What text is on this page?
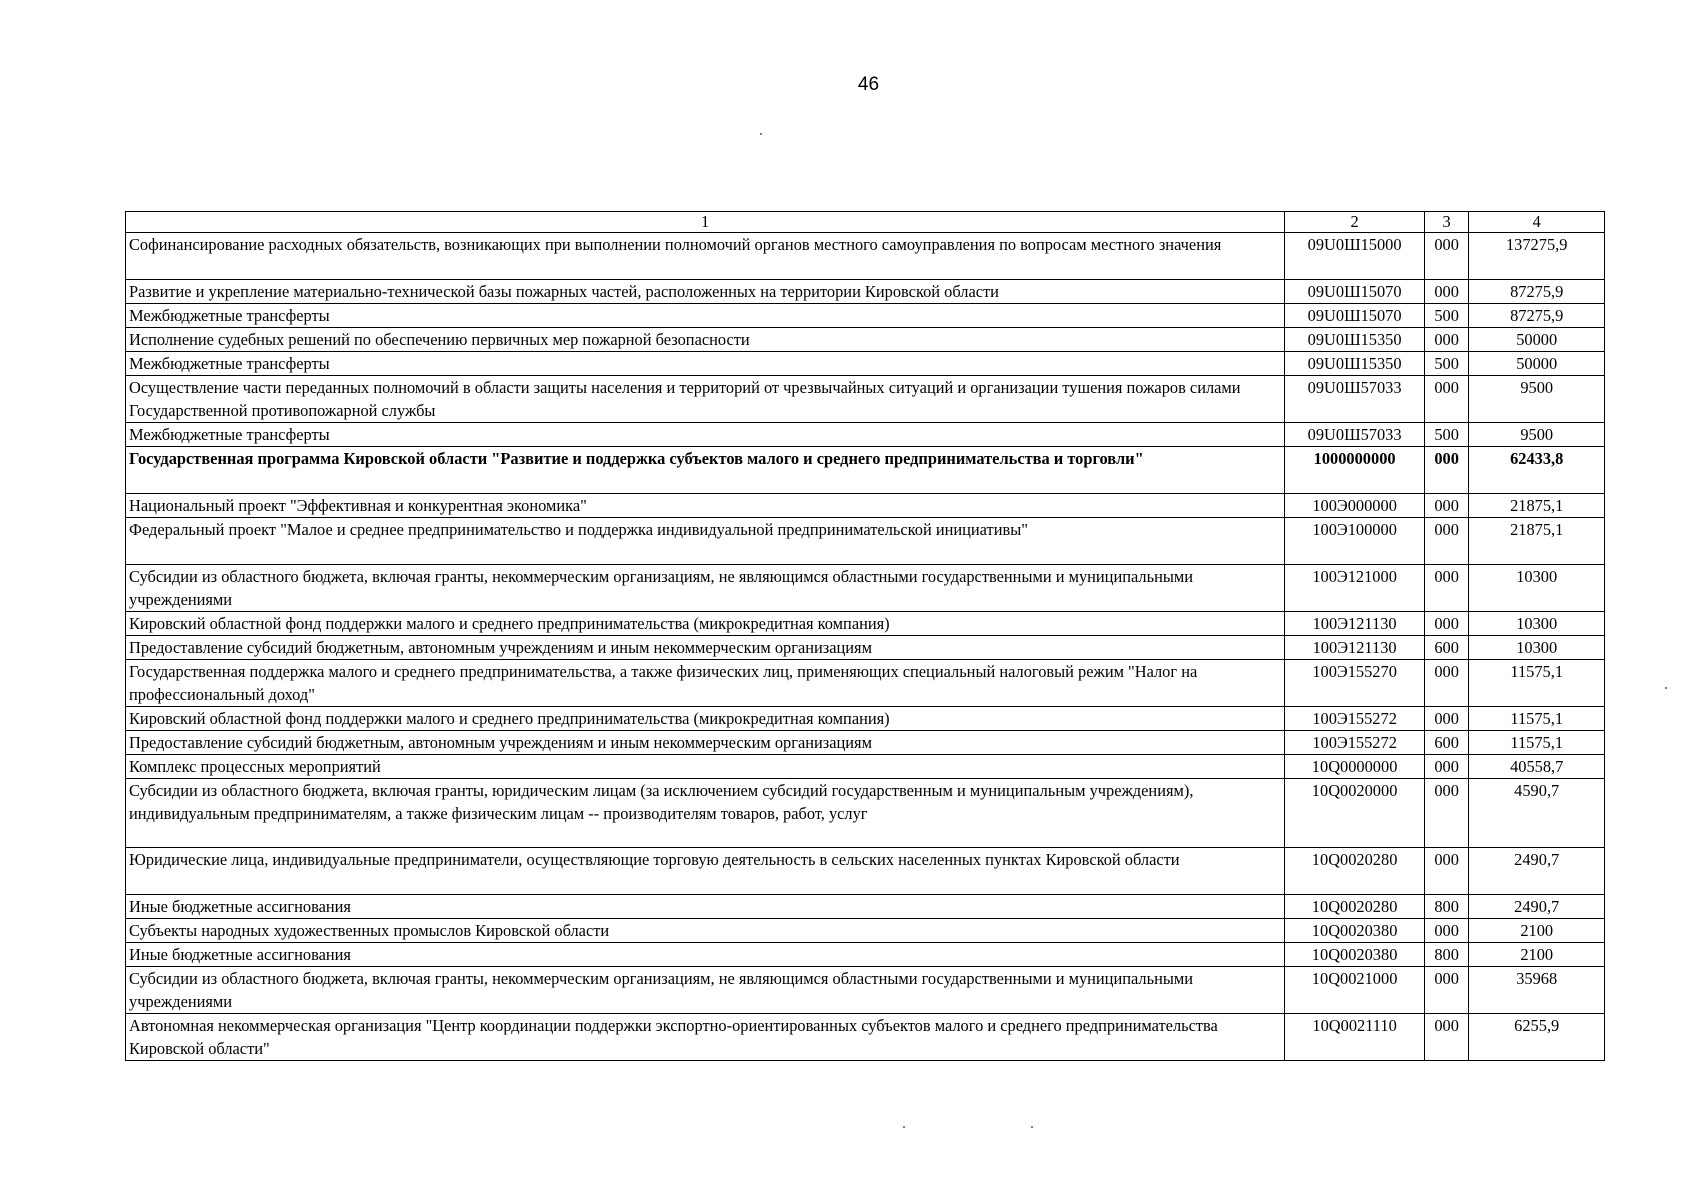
46
1	2	3	4
Софинансирование расходных обязательств, возникающих при выполнении полномочий органов местного самоуправления по вопросам местного значения	09U0Ш15000	000	137275,9
Развитие и укрепление материально-технической базы пожарных частей, расположенных на территории Кировской области	09U0Ш15070	000	87275,9
Межбюджетные трансферты	09U0Ш15070	500	87275,9
Исполнение судебных решений по обеспечению первичных мер пожарной безопасности	09U0Ш15350	000	50000
Межбюджетные трансферты	09U0Ш15350	500	50000
Осуществление части переданных полномочий в области защиты населения и территорий от чрезвычайных ситуаций и организации тушения пожаров силами Государственной противопожарной службы	09U0Ш57033	000	9500
Межбюджетные трансферты	09U0Ш57033	500	9500
Государственная программа Кировской области "Развитие и поддержка субъектов малого и среднего предпринимательства и торговли"	1000000000	000	62433,8
Национальный проект "Эффективная и конкурентная экономика"	100Э000000	000	21875,1
Федеральный проект "Малое и среднее предпринимательство и поддержка индивидуальной предпринимательской инициативы"	100Э100000	000	21875,1
Субсидии из областного бюджета, включая гранты, некоммерческим организациям, не являющимся областными государственными и муниципальными учреждениями	100Э121000	000	10300
Кировский областной фонд поддержки малого и среднего предпринимательства (микрокредитная компания)	100Э121130	000	10300
Предоставление субсидий бюджетным, автономным учреждениям и иным некоммерческим организациям	100Э121130	600	10300
Государственная поддержка малого и среднего предпринимательства, а также физических лиц, применяющих специальный налоговый режим "Налог на профессиональный доход"	100Э155270	000	11575,1
Кировский областной фонд поддержки малого и среднего предпринимательства (микрокредитная компания)	100Э155272	000	11575,1
Предоставление субсидий бюджетным, автономным учреждениям и иным некоммерческим организациям	100Э155272	600	11575,1
Комплекс процессных мероприятий	10Q0000000	000	40558,7
Субсидии из областного бюджета, включая гранты, юридическим лицам (за исключением субсидий государственным и муниципальным учреждениям), индивидуальным предпринимателям, а также физическим лицам -- производителям товаров, работ, услуг	10Q0020000	000	4590,7
Юридические лица, индивидуальные предприниматели, осуществляющие торговую деятельность в сельских населенных пунктах Кировской области	10Q0020280	000	2490,7
Иные бюджетные ассигнования	10Q0020280	800	2490,7
Субъекты народных художественных промыслов Кировской области	10Q0020380	000	2100
Иные бюджетные ассигнования	10Q0020380	800	2100
Субсидии из областного бюджета, включая гранты, некоммерческим организациям, не являющимся областными государственными и муниципальными учреждениями	10Q0021000	000	35968
Автономная некоммерческая организация "Центр координации поддержки экспортно-ориентированных субъектов малого и среднего предпринимательства Кировской области"	10Q0021110	000	6255,9
